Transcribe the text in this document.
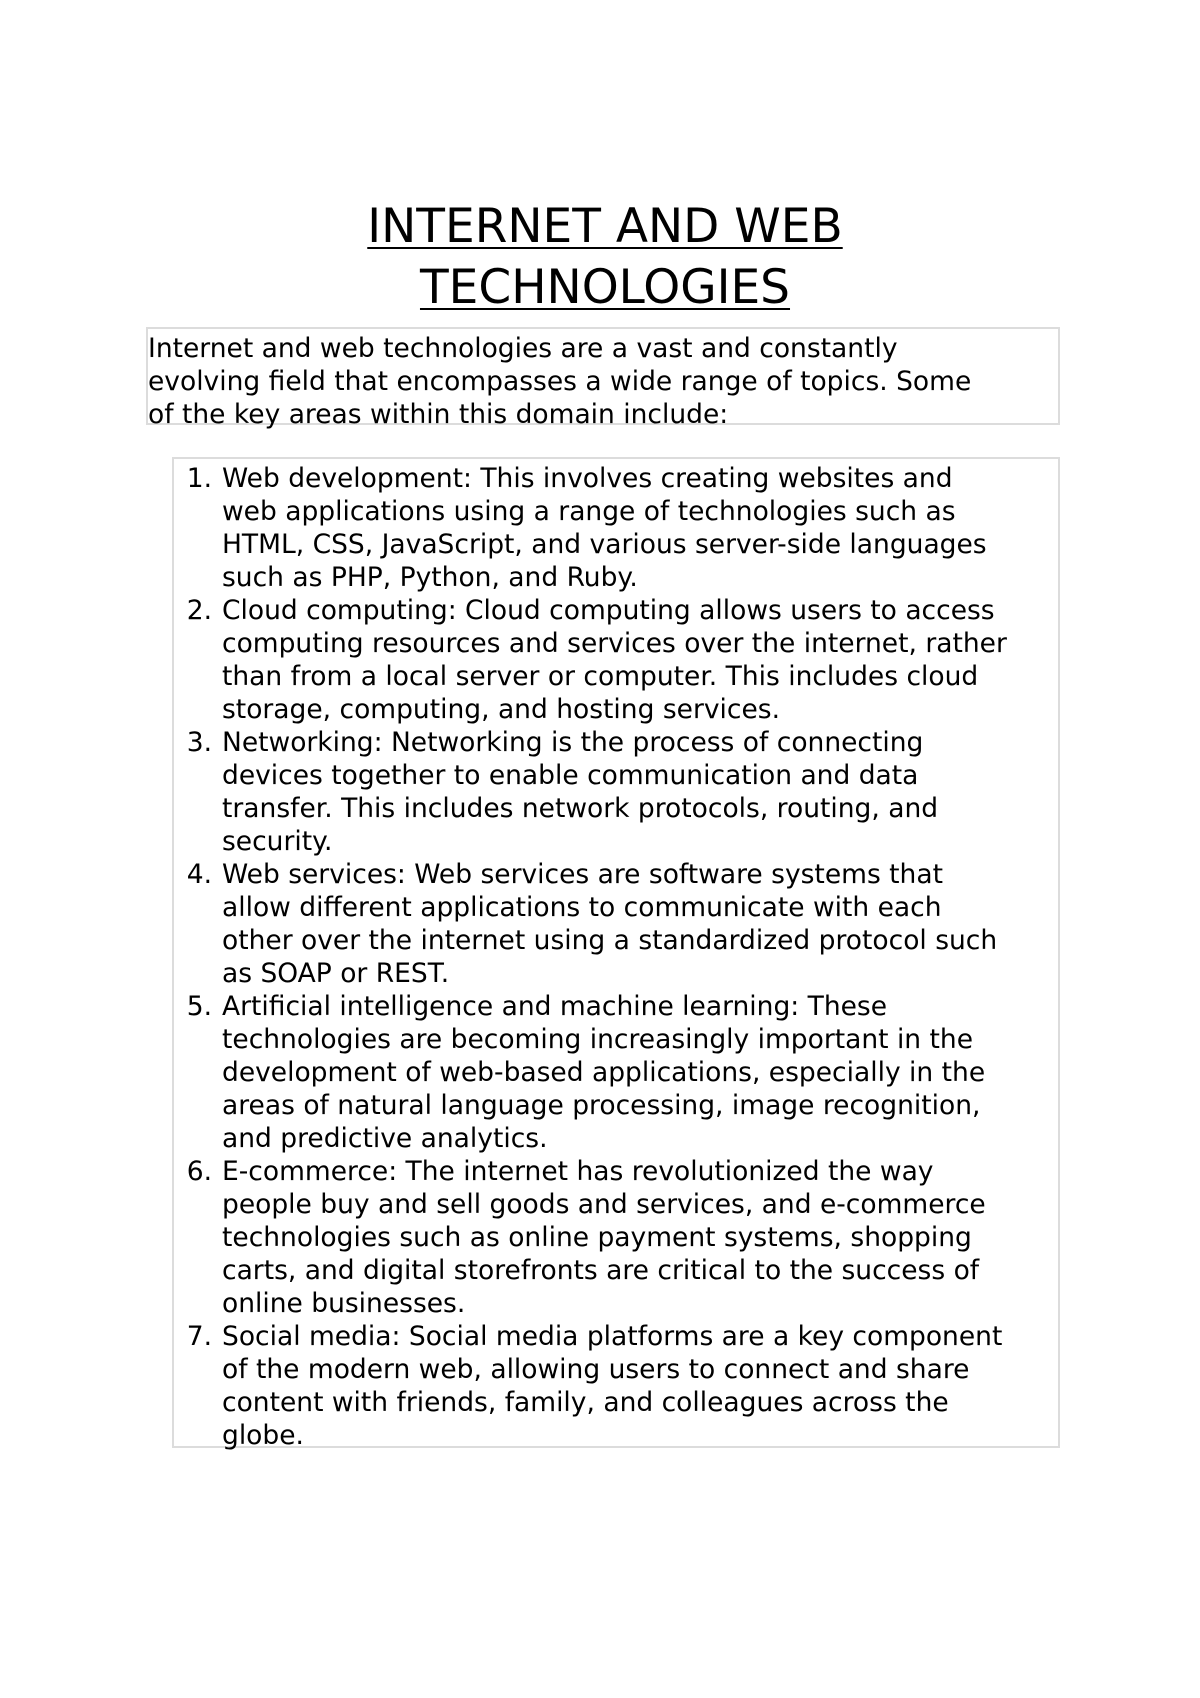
INTERNET AND WEB
TECHNOLOGIES

Internet and web technologies are a vast and constantly
evolving field that encompasses a wide range of topics. Some
of the key areas within this domain include:

1. Web development: This involves creating websites and
web applications using a range of technologies such as
HTML, CSS, JavaScript, and various server-side languages
such as PHP, Python, and Ruby.
2. Cloud computing: Cloud computing allows users to access
computing resources and services over the internet, rather
than from a local server or computer. This includes cloud
storage, computing, and hosting services.
3. Networking: Networking is the process of connecting
devices together to enable communication and data
transfer. This includes network protocols, routing, and
security.
4. Web services: Web services are software systems that
allow different applications to communicate with each
other over the internet using a standardized protocol such
as SOAP or REST.
5. Artificial intelligence and machine learning: These
technologies are becoming increasingly important in the
development of web-based applications, especially in the
areas of natural language processing, image recognition,
and predictive analytics.
6. E-commerce: The internet has revolutionized the way
people buy and sell goods and services, and e-commerce
technologies such as online payment systems, shopping
carts, and digital storefronts are critical to the success of
online businesses.
7. Social media: Social media platforms are a key component
of the modern web, allowing users to connect and share
content with friends, family, and colleagues across the
globe.
